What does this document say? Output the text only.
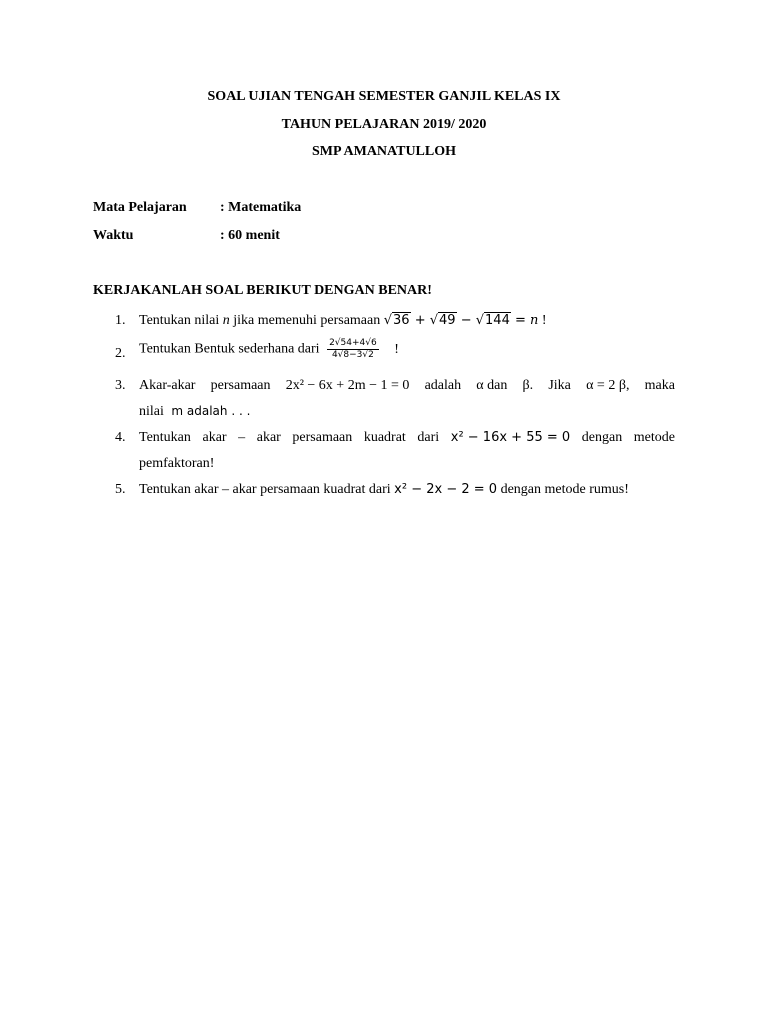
SOAL UJIAN TENGAH SEMESTER GANJIL KELAS IX
TAHUN PELAJARAN 2019/ 2020
SMP AMANATULLOH
Mata Pelajaran : Matematika
Waktu	: 60 menit
KERJAKANLAH SOAL BERIKUT DENGAN BENAR!
1. Tentukan nilai n jika memenuhi persamaan √36 + √49 − √144 = n !
2. Tentukan Bentuk sederhana dari $\frac{2√54+4√6}{4√8-3√2}$ !
3. Akar-akar persamaan 2x² − 6x + 2m − 1 = 0 adalah α dan β. Jika α = 2 β, maka
nilai m adalah . . .
4. Tentukan akar – akar persamaan kuadrat dari x² − 16x + 55 = 0 dengan metode
pemfaktoran!
5. Tentukan akar – akar persamaan kuadrat dari x² − 2x − 2 = 0 dengan metode rumus!
